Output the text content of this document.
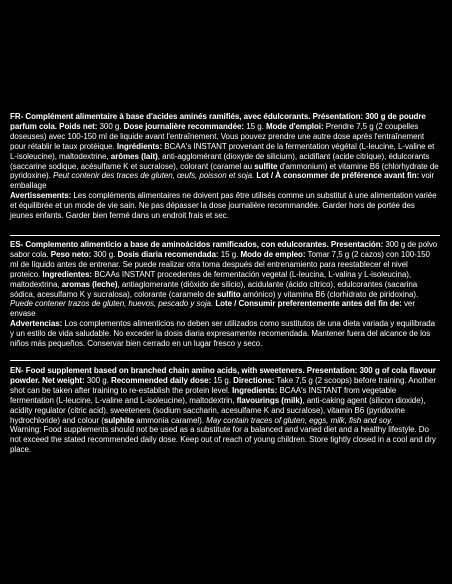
FR- Complément alimentaire à base d'acides aminés ramifiés, avec édulcorants. Présentation: 300 g de poudre parfum cola. Poids net: 300 g. Dose journalière recommandée: 15 g. Mode d'emploi: Prendre 7,5 g (2 coupelles doseuses) avec 100-150 ml de liquide avant l'entraînement. Vous pouvez prendre une autre dose après l'entraînement pour rétablir le taux protéique. Ingrédients: BCAA's INSTANT provenant de la fermentation végétal (L-leucine, L-valine et L-isoleucine), maltodextrine, arômes (lait), anti-agglomérant (dioxyde de silicium), acidifiant (acide citrique), édulcorants (saccarine sodique, acésulfame K et sucralose), colorant (caramel au sulfite d'ammonium) et vitamine B6 (chlorhydrate de pyridoxine). Peut contenir des traces de gluten, œufs, poisson et soja. Lot / À consommer de préférence avant fin: voir emballage
Avertissements: Les compléments alimentaires ne doivent pas être utilisés comme un substitut à une alimentation variée et équilibrée et un mode de vie sain. Ne pas dépasser la dose journalière recommandée. Garder hors de portée des jeunes enfants. Garder bien fermé dans un endroit frais et sec.
ES- Complemento alimenticio a base de aminoácidos ramificados, con edulcorantes. Presentación: 300 g de polvo sabor cola. Peso neto: 300 g. Dosis diaria recomendada: 15 g. Modo de empleo: Tomar 7,5 g (2 cazos) con 100-150 ml de líquido antes de entrenar. Se puede realizar otra toma después del entrenamiento para reestablecer el nivel proteico. Ingredientes: BCAAs INSTANT procedentes de fermentación vegetal (L-leucina, L-valina y L-isoleucina), maltodextrina, aromas (leche), antiaglomerante (dióxido de silicio), acidulante (ácido cítrico), edulcorantes (sacarina sódica, acesulfamo K y sucralosa), colorante (caramelo de sulfito amónico) y vitamina B6 (clorhidrato de piridoxina). Puede contener trazos de gluten, huevos, pescado y soja. Lote / Consumir preferentemente antes del fin de: ver envase
Advertencias: Los complementos alimenticios no deben ser utilizados como sustitutos de una dieta variada y equilibrada y un estilo de vida saludable. No exceder la dosis diaria expresamente recomendada. Mantener fuera del alcance de los niños más pequeños. Conservar bien cerrado en un lugar fresco y seco.
EN- Food supplement based on branched chain amino acids, with sweeteners. Presentation: 300 g of cola flavour powder. Net weight: 300 g. Recommended daily dose: 15 g. Directions: Take 7,5 g (2 scoops) before training. Another shot can be taken after training to re-establish the protein level. Ingredients: BCAA's INSTANT from vegetable fermentation (L-leucine, L-valine and L-isoleucine), maltodextrin, flavourings (milk), anti-caking agent (silicon dioxide), acidity regulator (citric acid), sweeteners (sodium saccharin, acesulfame K and sucralose), vitamin B6 (pyridoxine hydrochloride) and colour (sulphite ammonia caramel). May contain traces of gluten, eggs, milk, fish and soy.
Warning: Food supplements should not be used as a substitute for a balanced and varied diet and a healthy lifestyle. Do not exceed the stated recommended daily dose. Keep out of reach of young children. Store tightly closed in a cool and dry place.
